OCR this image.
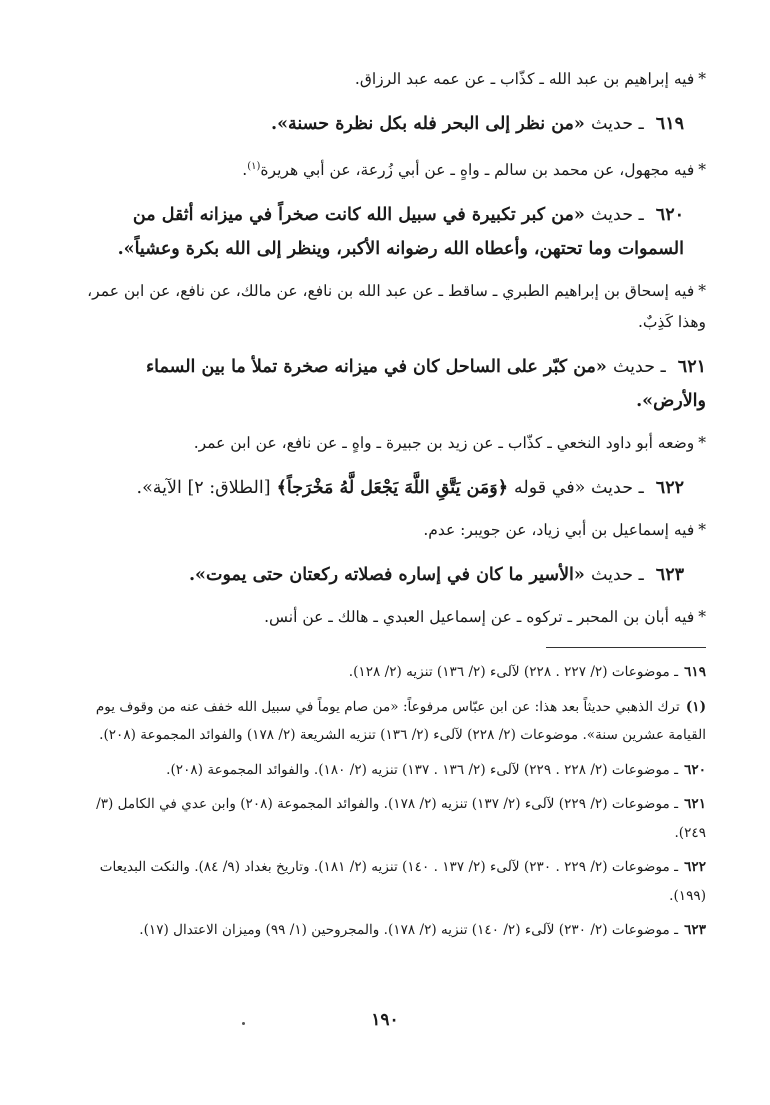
*فيه إبراهيم بن عبد الله ـ كذّاب ـ عن عمه عبد الرزاق.

٦١٩ ـ حديث «من نظر إلى البحر فله بكل نظرة حسنة».

*فيه مجهول، عن محمد بن سالم ـ واهٍ ـ عن أبي زُرعة، عن أبي هريرة$^{(١)}$.

٦٢٠ ـ حديث «من كبر تكبيرة في سبيل الله كانت صخراً في ميزانه أثقل من السموات وما تحتهن، وأعطاه الله رضوانه الأكبر، وينظر إلى الله بكرة وعشياً».

*فيه إسحاق بن إبراهيم الطبري ـ ساقط ـ عن عبد الله بن نافع، عن مالك، عن نافع، عن ابن عمر، وهذا كَذِبٌ.

٦٢١ ـ حديث «من كبّر على الساحل كان في ميزانه صخرة تملأ ما بين السماء والأرض».

*وضعه أبو داود النخعي ـ كذّاب ـ عن زيد بن جبيرة ـ واهٍ ـ عن نافع، عن ابن عمر.

٦٢٢ ـ حديث «في قوله ﴿وَمَن يَتَّقِ اللَّهَ يَجْعَل لَّهُ مَخْرَجاً﴾ [الطلاق: ٢] الآية».

*فيه إسماعيل بن أبي زياد، عن جويبر: عدم.

٦٢٣ ـ حديث «الأسير ما كان في إساره فصلاته ركعتان حتى يموت».

*فيه أبان بن المحبر ـ تركوه ـ عن إسماعيل العبدي ـ هالك ـ عن أنس.

٦١٩ـ موضوعات (٢/ ٢٢٧ . ٢٢٨) لآلىء (٢/ ١٣٦) تنزيه (٢/ ١٢٨).

(١)ترك الذهبي حديثاً بعد هذا: عن ابن عبّاس مرفوعاً: «من صام يوماً في سبيل الله خفف عنه من وقوف يوم القيامة عشرين سنة». موضوعات (٢/ ٢٢٨) لآلىء (٢/ ١٣٦) تنزيه الشريعة (٢/ ١٧٨) والفوائد المجموعة (٢٠٨).

٦٢٠ـ موضوعات (٢/ ٢٢٨ . ٢٢٩) لآلىء (٢/ ١٣٦ . ١٣٧) تنزيه (٢/ ١٨٠). والفوائد المجموعة (٢٠٨).

٦٢١ـ موضوعات (٢/ ٢٢٩) لآلىء (٢/ ١٣٧) تنزيه (٢/ ١٧٨). والفوائد المجموعة (٢٠٨) وابن عدي في الكامل (٣/ ٢٤٩).

٦٢٢ـ موضوعات (٢/ ٢٢٩ . ٢٣٠) لآلىء (٢/ ١٣٧ . ١٤٠) تنزيه (٢/ ١٨١). وتاريخ بغداد (٩/ ٨٤). والنكت البديعات (١٩٩).

٦٢٣ـ موضوعات (٢/ ٢٣٠) لآلىء (٢/ ١٤٠) تنزيه (٢/ ١٧٨). والمجروحين (١/ ٩٩) وميزان الاعتدال (١٧).

١٩٠
